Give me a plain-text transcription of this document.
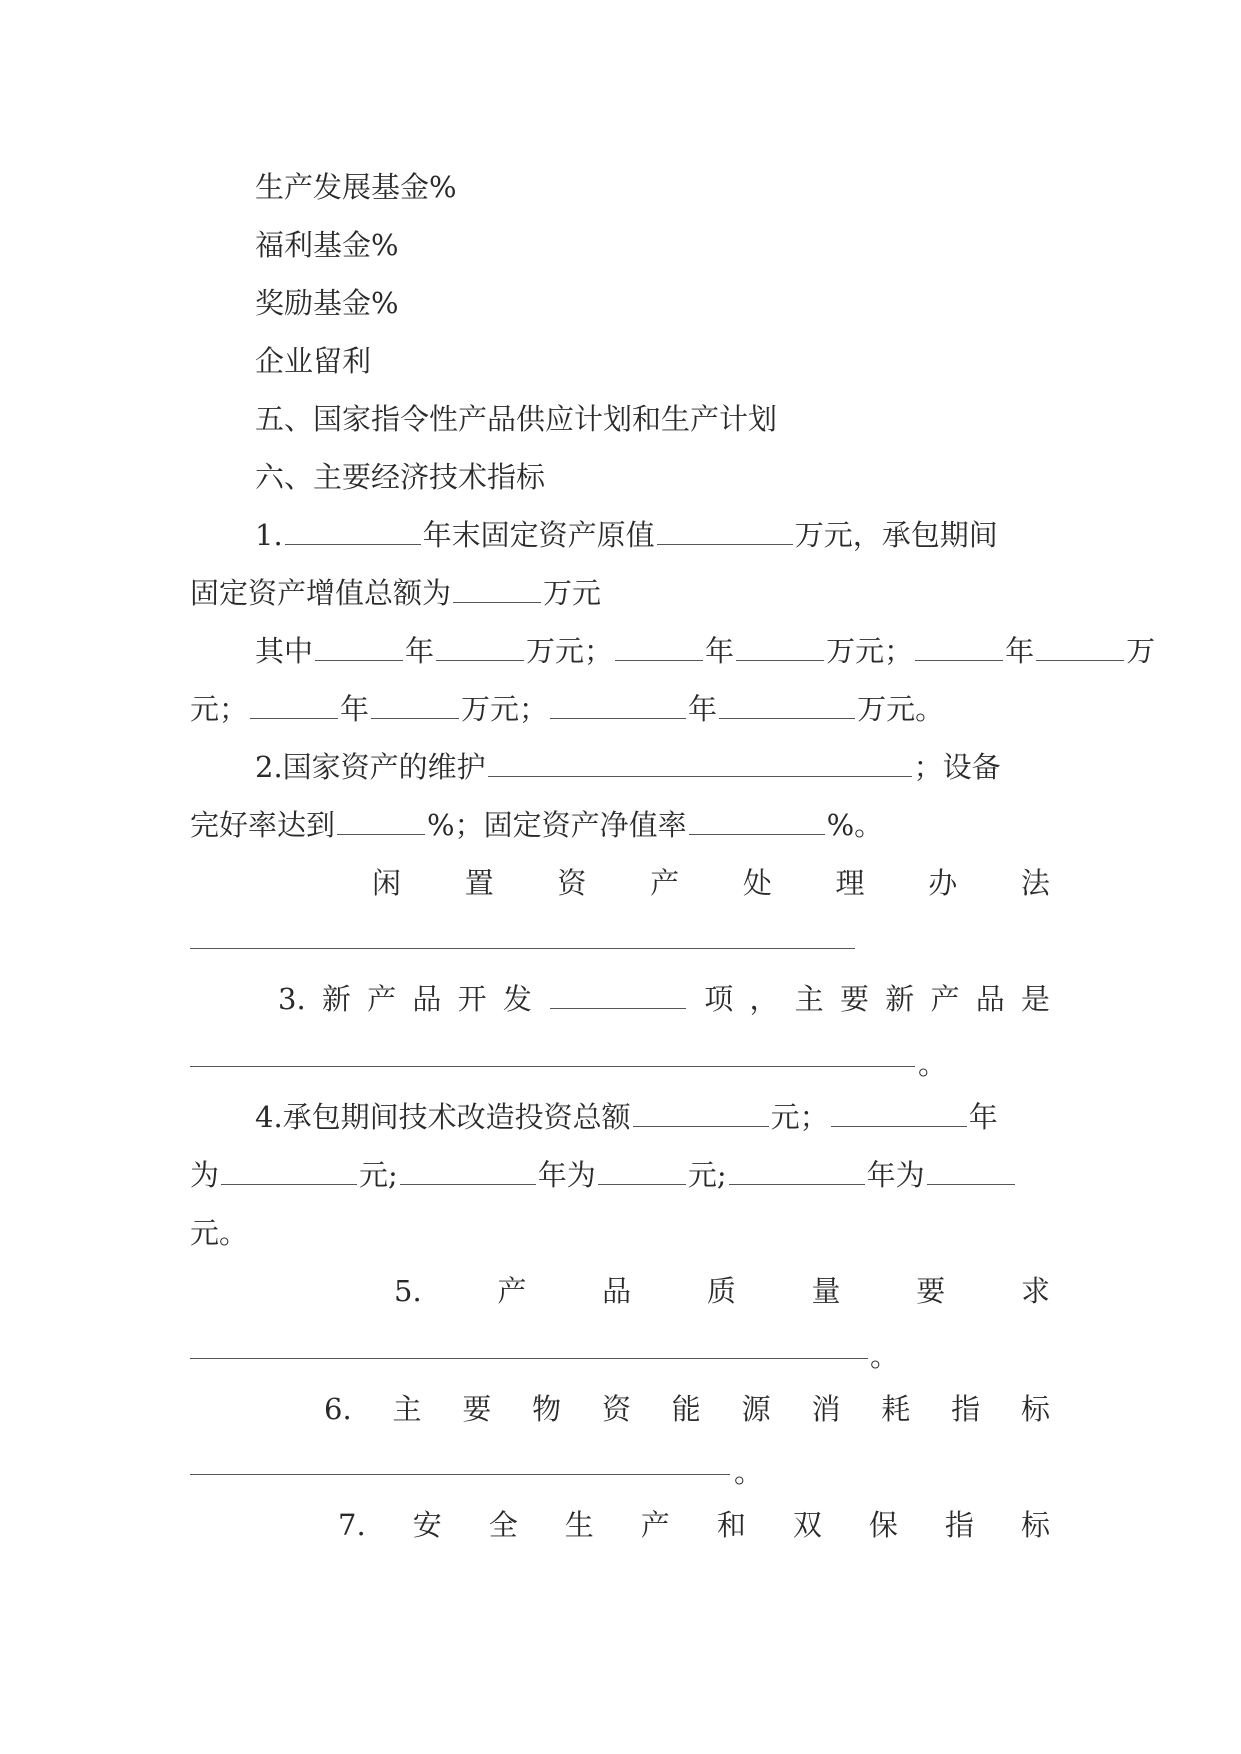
生产发展基金%
福利基金%
奖励基金%
企业留利
五、国家指令性产品供应计划和生产计划
六、主要经济技术指标
1.	年末固定资产原值	万元，承包期间
固定资产增值总额为	万元
其中	年	万元；	年	万元；	年	万
元；	年	万元；	年	万元。
2.国家资产的维护	；设备
完好率达到	%；固定资产净值率	%。
闲 置 资 产 处 理 办 法
3. 新 产 品 开 发	项 ， 主 要 新 产 品 是
。
4.承包期间技术改造投资总额	元；	年
为	元;	年为	元;	年为
元。
5.	产	品	质	量	要	求
。
6. 主 要 物 资 能 源 消 耗 指 标
。
7. 安 全 生 产 和 双 保 指 标
